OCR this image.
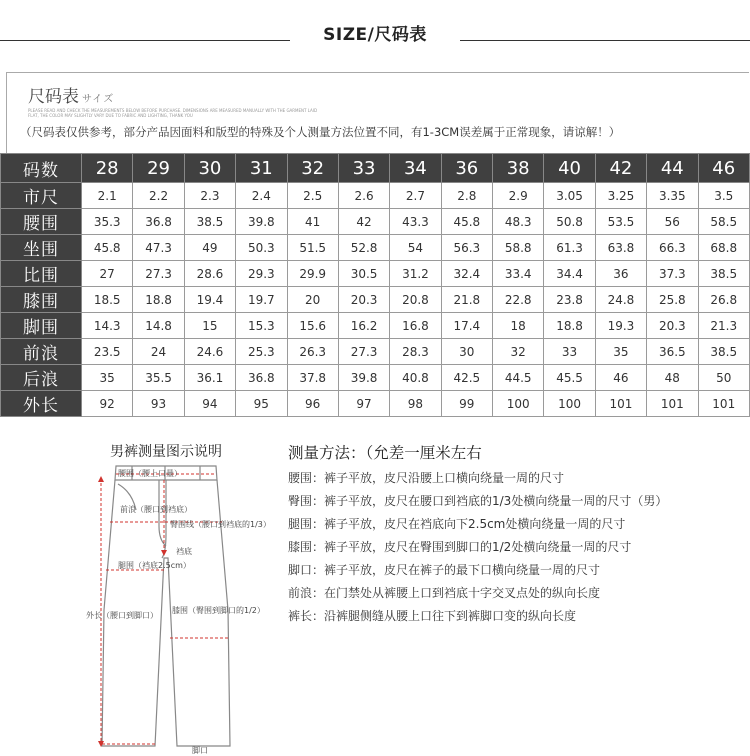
SIZE/尺码表
尺码表 サイズ
PLEASE READ AND CHECK THE MEASUREMENTS BELOW BEFORE PURCHASE. DIMENSIONS ARE MEASURED MANUALLY WITH THE GARMENT LAID FLAT, THE COLOR MAY SLIGHTLY VARY DUE TO FABRIC AND LIGHTING, THANK YOU
（尺码表仅供参考，部分产品因面料和版型的特殊及个人测量方法位置不同，有1-3CM误差属于正常现象，请谅解！）
码数	28	29	30	31	32	33	34	36	38	40	42	44	46
市尺	2.1	2.2	2.3	2.4	2.5	2.6	2.7	2.8	2.9	3.05	3.25	3.35	3.5
腰围	35.3	36.8	38.5	39.8	41	42	43.3	45.8	48.3	50.8	53.5	56	58.5
坐围	45.8	47.3	49	50.3	51.5	52.8	54	56.3	58.8	61.3	63.8	66.3	68.8
比围	27	27.3	28.6	29.3	29.9	30.5	31.2	32.4	33.4	34.4	36	37.3	38.5
膝围	18.5	18.8	19.4	19.7	20	20.3	20.8	21.8	22.8	23.8	24.8	25.8	26.8
脚围	14.3	14.8	15	15.3	15.6	16.2	16.8	17.4	18	18.8	19.3	20.3	21.3
前浪	23.5	24	24.6	25.3	26.3	27.3	28.3	30	32	33	35	36.5	38.5
后浪	35	35.5	36.1	36.8	37.8	39.8	40.8	42.5	44.5	45.5	46	48	50
外长	92	93	94	95	96	97	98	99	100	100	101	101	101
男裤测量图示说明
腰围（腰上口量）
前浪（腰口到裆底）
臀围线（腰口到裆底的1/3）
裆底
腿围（裆底2.5cm）
外长（腰口到脚口）
膝围（臀围到脚口的1/2）
脚口
测量方法：（允差一厘米左右
腰围：裤子平放，皮尺沿腰上口横向绕量一周的尺寸
臀围：裤子平放，皮尺在腰口到裆底的1/3处横向绕量一周的尺寸（男）
腿围：裤子平放，皮尺在裆底向下2.5cm处横向绕量一周的尺寸
膝围：裤子平放，皮尺在臀围到脚口的1/2处横向绕量一周的尺寸
脚口：裤子平放，皮尺在裤子的最下口横向绕量一周的尺寸
前浪：在门禁处从裤腰上口到裆底十字交叉点处的纵向长度
裤长：沿裤腿侧缝从腰上口往下到裤脚口变的纵向长度
